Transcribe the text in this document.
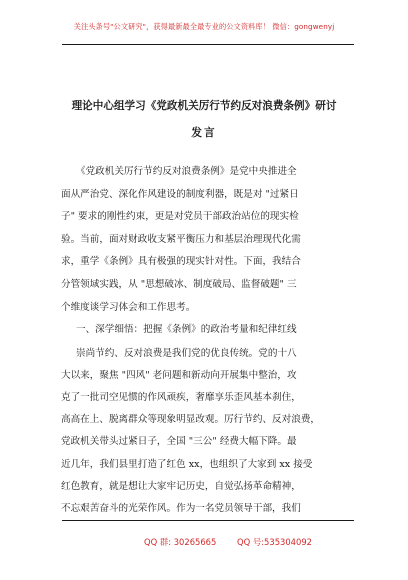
关注头条号"公文研究"，获得最新最全最专业的公文资料库！ 微信：gongwenyj
理论中心组学习《党政机关厉行节约反对浪费条例》研讨
发言
《党政机关厉行节约反对浪费条例》是党中央推进全
面从严治党、深化作风建设的制度利器，既是对 "过紧日
子" 要求的刚性约束，更是对党员干部政治站位的现实检
验。当前，面对财政收支紧平衡压力和基层治理现代化需
求，重学《条例》具有极强的现实针对性。下面，我结合
分管领域实践，从 "思想破冰、制度破局、监督破题" 三
个维度谈学习体会和工作思考。
一、深学细悟：把握《条例》的政治考量和纪律红线
崇尚节约、反对浪费是我们党的优良传统。党的十八
大以来，聚焦 "四风" 老问题和新动向开展集中整治，攻
克了一批司空见惯的作风顽疾，奢靡享乐歪风基本刹住，
高高在上、脱离群众等现象明显改观。厉行节约、反对浪费，
党政机关带头过紧日子，全国 "三公" 经费大幅下降。最
近几年，我们县里打造了红色 xx，也组织了大家到 xx 接受
红色教育，就是想让大家牢记历史，自觉弘扬革命精神，
不忘艰苦奋斗的光荣作风。作为一名党员领导干部，我们
QQ 群: 30265665 QQ 号:535304092
